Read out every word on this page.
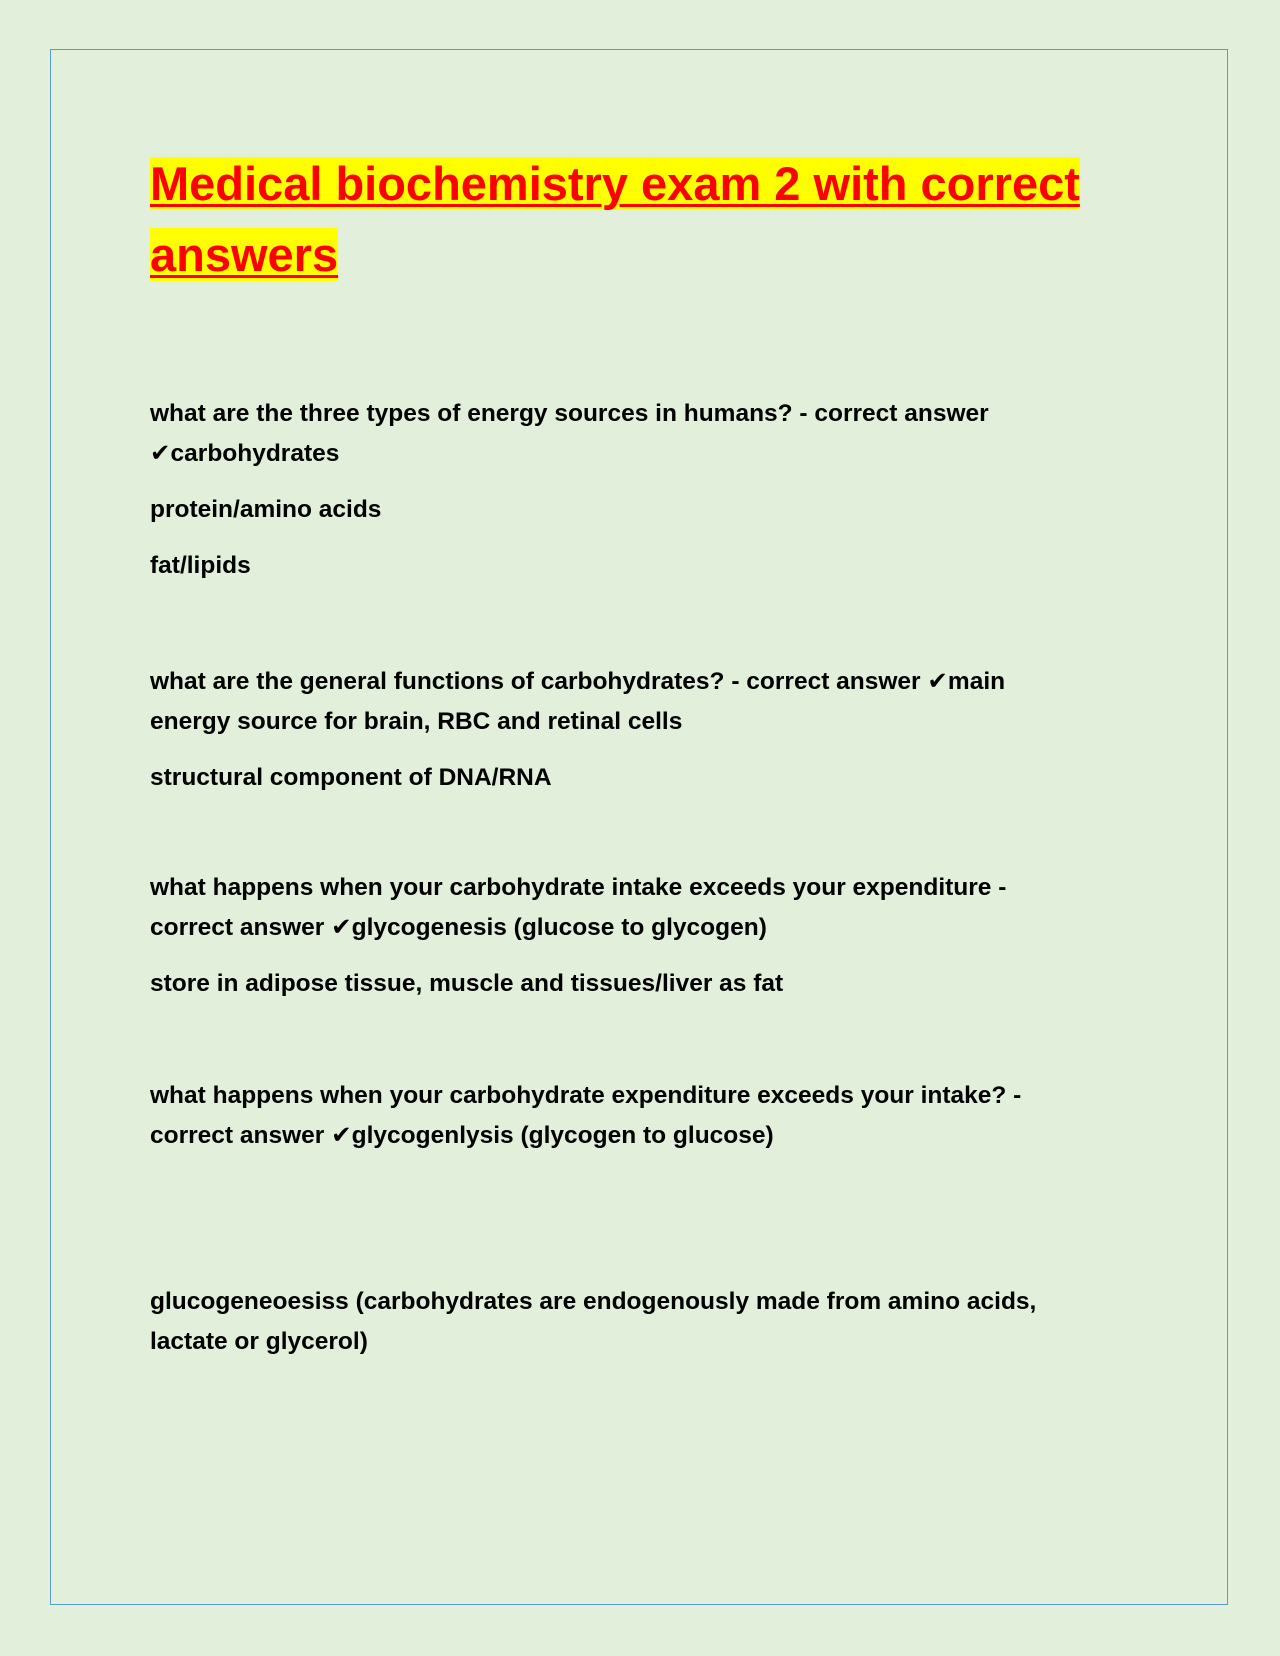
Medical biochemistry exam 2 with correct answers

what are the three types of energy sources in humans? - correct answer ✔carbohydrates

protein/amino acids

fat/lipids

what are the general functions of carbohydrates? - correct answer ✔main energy source for brain, RBC and retinal cells

structural component of DNA/RNA

what happens when your carbohydrate intake exceeds your expenditure - correct answer ✔glycogenesis (glucose to glycogen)

store in adipose tissue, muscle and tissues/liver as fat

what happens when your carbohydrate expenditure exceeds your intake? - correct answer ✔glycogenlysis (glycogen to glucose)

glucogeneoesiss (carbohydrates are endogenously made from amino acids, lactate or glycerol)
